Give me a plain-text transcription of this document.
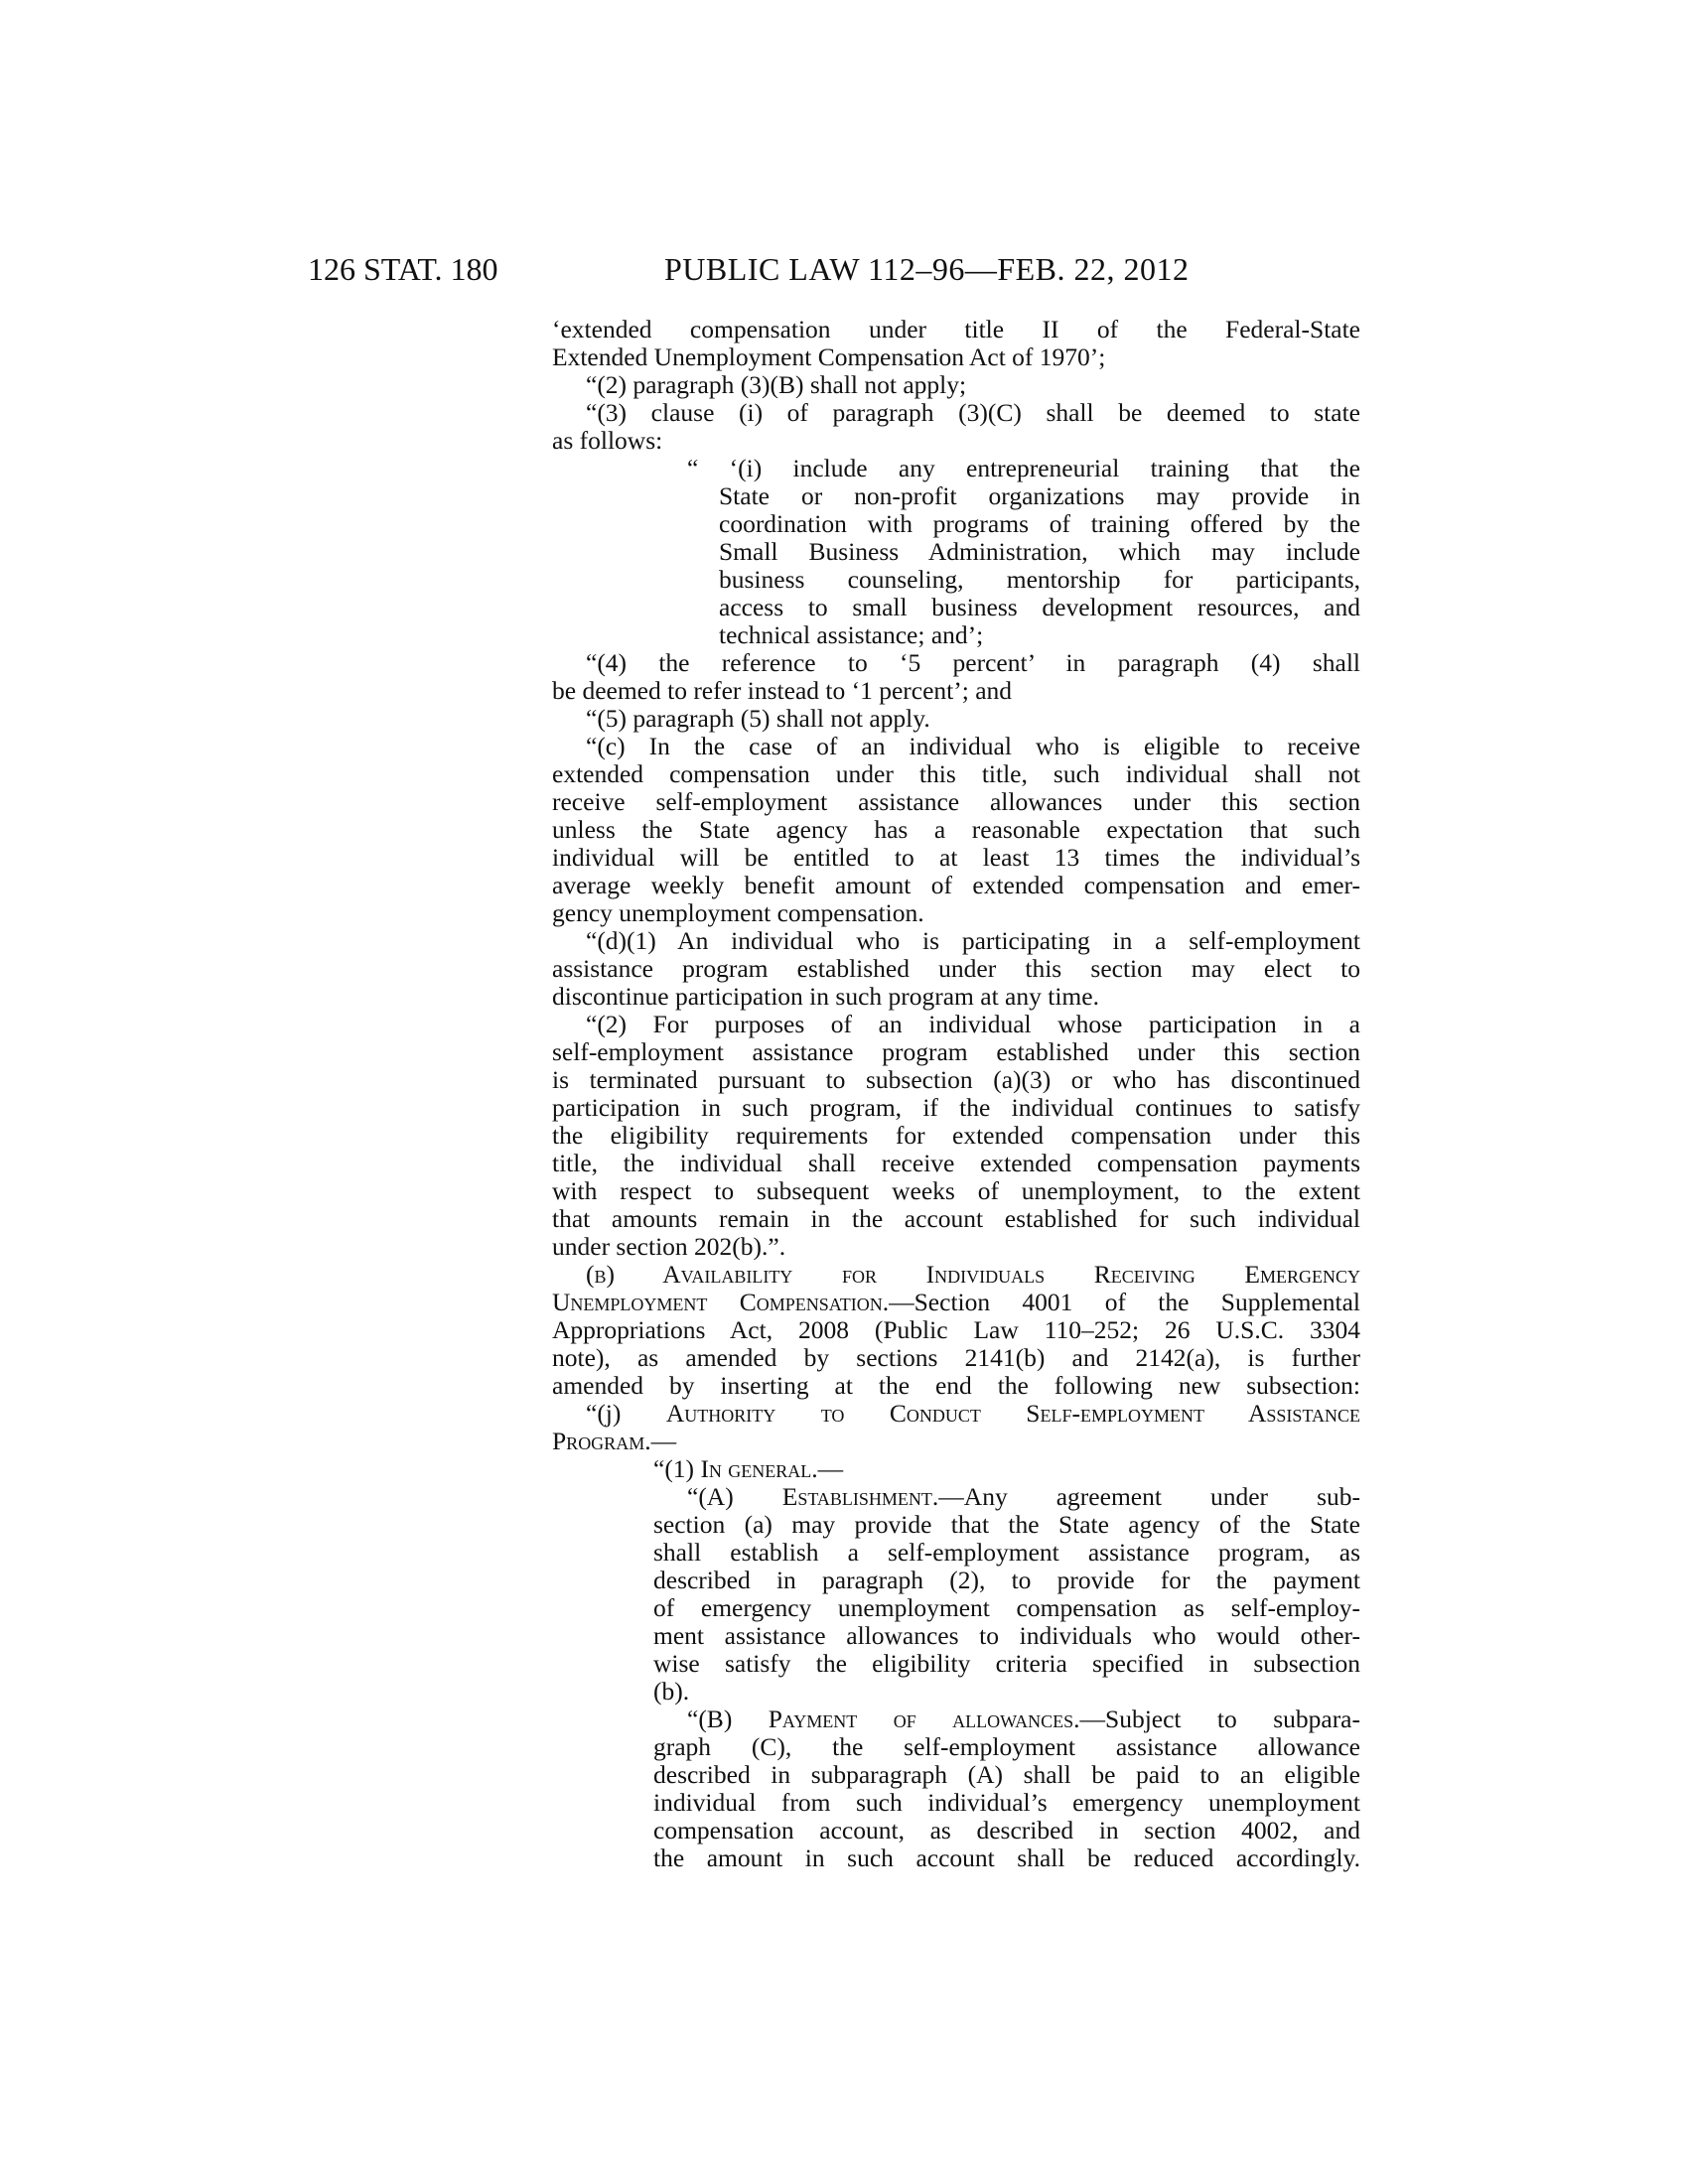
126 STAT. 180	PUBLIC LAW 112–96—FEB. 22, 2012
‘extended compensation under title II of the Federal-State
Extended Unemployment Compensation Act of 1970’;
“(2) paragraph (3)(B) shall not apply;
“(3) clause (i) of paragraph (3)(C) shall be deemed to state
as follows:
“ ‘(i) include any entrepreneurial training that the
State or non-profit organizations may provide in
coordination with programs of training offered by the
Small Business Administration, which may include
business counseling, mentorship for participants,
access to small business development resources, and
technical assistance; and’;
“(4) the reference to ‘5 percent’ in paragraph (4) shall
be deemed to refer instead to ‘1 percent’; and
“(5) paragraph (5) shall not apply.
“(c) In the case of an individual who is eligible to receive
extended compensation under this title, such individual shall not
receive self-employment assistance allowances under this section
unless the State agency has a reasonable expectation that such
individual will be entitled to at least 13 times the individual’s
average weekly benefit amount of extended compensation and emer-
gency unemployment compensation.
“(d)(1) An individual who is participating in a self-employment
assistance program established under this section may elect to
discontinue participation in such program at any time.
“(2) For purposes of an individual whose participation in a
self-employment assistance program established under this section
is terminated pursuant to subsection (a)(3) or who has discontinued
participation in such program, if the individual continues to satisfy
the eligibility requirements for extended compensation under this
title, the individual shall receive extended compensation payments
with respect to subsequent weeks of unemployment, to the extent
that amounts remain in the account established for such individual
under section 202(b).”.
(b) Availability for Individuals Receiving Emergency
Unemployment Compensation.—Section 4001 of the Supplemental
Appropriations Act, 2008 (Public Law 110–252; 26 U.S.C. 3304
note), as amended by sections 2141(b) and 2142(a), is further
amended by inserting at the end the following new subsection:
“(j) Authority to Conduct Self-employment Assistance
Program.—
“(1) In general.—
“(A) Establishment.—Any agreement under sub-
section (a) may provide that the State agency of the State
shall establish a self-employment assistance program, as
described in paragraph (2), to provide for the payment
of emergency unemployment compensation as self-employ-
ment assistance allowances to individuals who would other-
wise satisfy the eligibility criteria specified in subsection
(b).
“(B) Payment of allowances.—Subject to subpara-
graph (C), the self-employment assistance allowance
described in subparagraph (A) shall be paid to an eligible
individual from such individual’s emergency unemployment
compensation account, as described in section 4002, and
the amount in such account shall be reduced accordingly.
